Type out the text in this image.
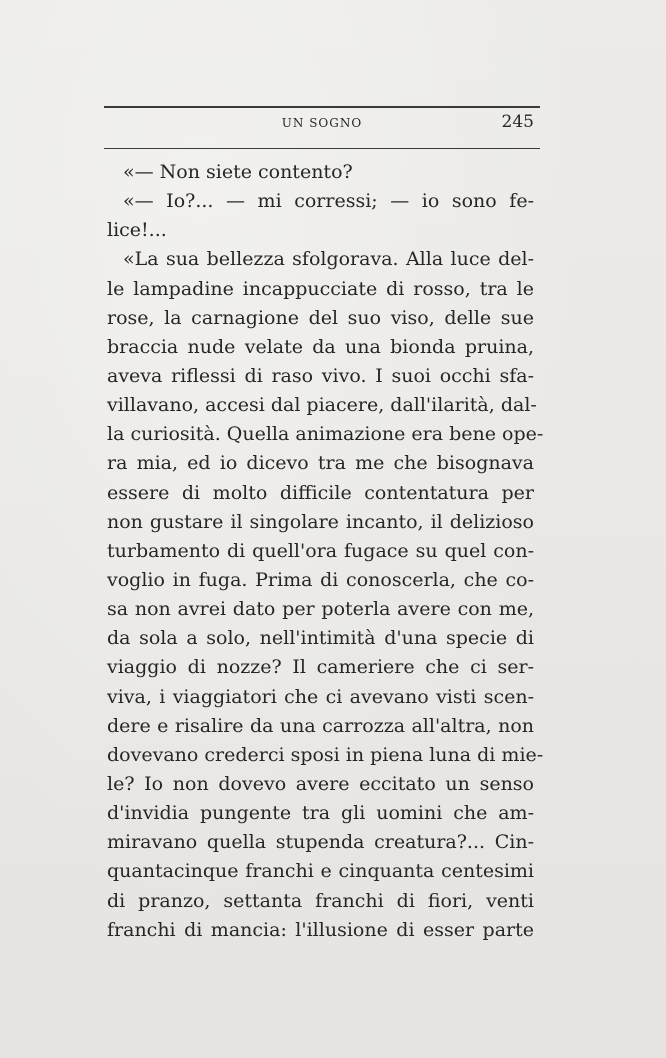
UN SOGNO	245
«— Non siete contento?
«— Io?... — mi corressi; — io sono fe-
lice!...
«La sua bellezza sfolgorava. Alla luce del-
le lampadine incappucciate di rosso, tra le
rose, la carnagione del suo viso, delle sue
braccia nude velate da una bionda pruina,
aveva riflessi di raso vivo. I suoi occhi sfa-
villavano, accesi dal piacere, dall'ilarità, dal-
la curiosità. Quella animazione era bene ope-
ra mia, ed io dicevo tra me che bisognava
essere di molto difficile contentatura per
non gustare il singolare incanto, il delizioso
turbamento di quell'ora fugace su quel con-
voglio in fuga. Prima di conoscerla, che co-
sa non avrei dato per poterla avere con me,
da sola a solo, nell'intimità d'una specie di
viaggio di nozze? Il cameriere che ci ser-
viva, i viaggiatori che ci avevano visti scen-
dere e risalire da una carrozza all'altra, non
dovevano crederci sposi in piena luna di mie-
le? Io non dovevo avere eccitato un senso
d'invidia pungente tra gli uomini che am-
miravano quella stupenda creatura?... Cin-
quantacinque franchi e cinquanta centesimi
di pranzo, settanta franchi di fiori, venti
franchi di mancia: l'illusione di esser parte
